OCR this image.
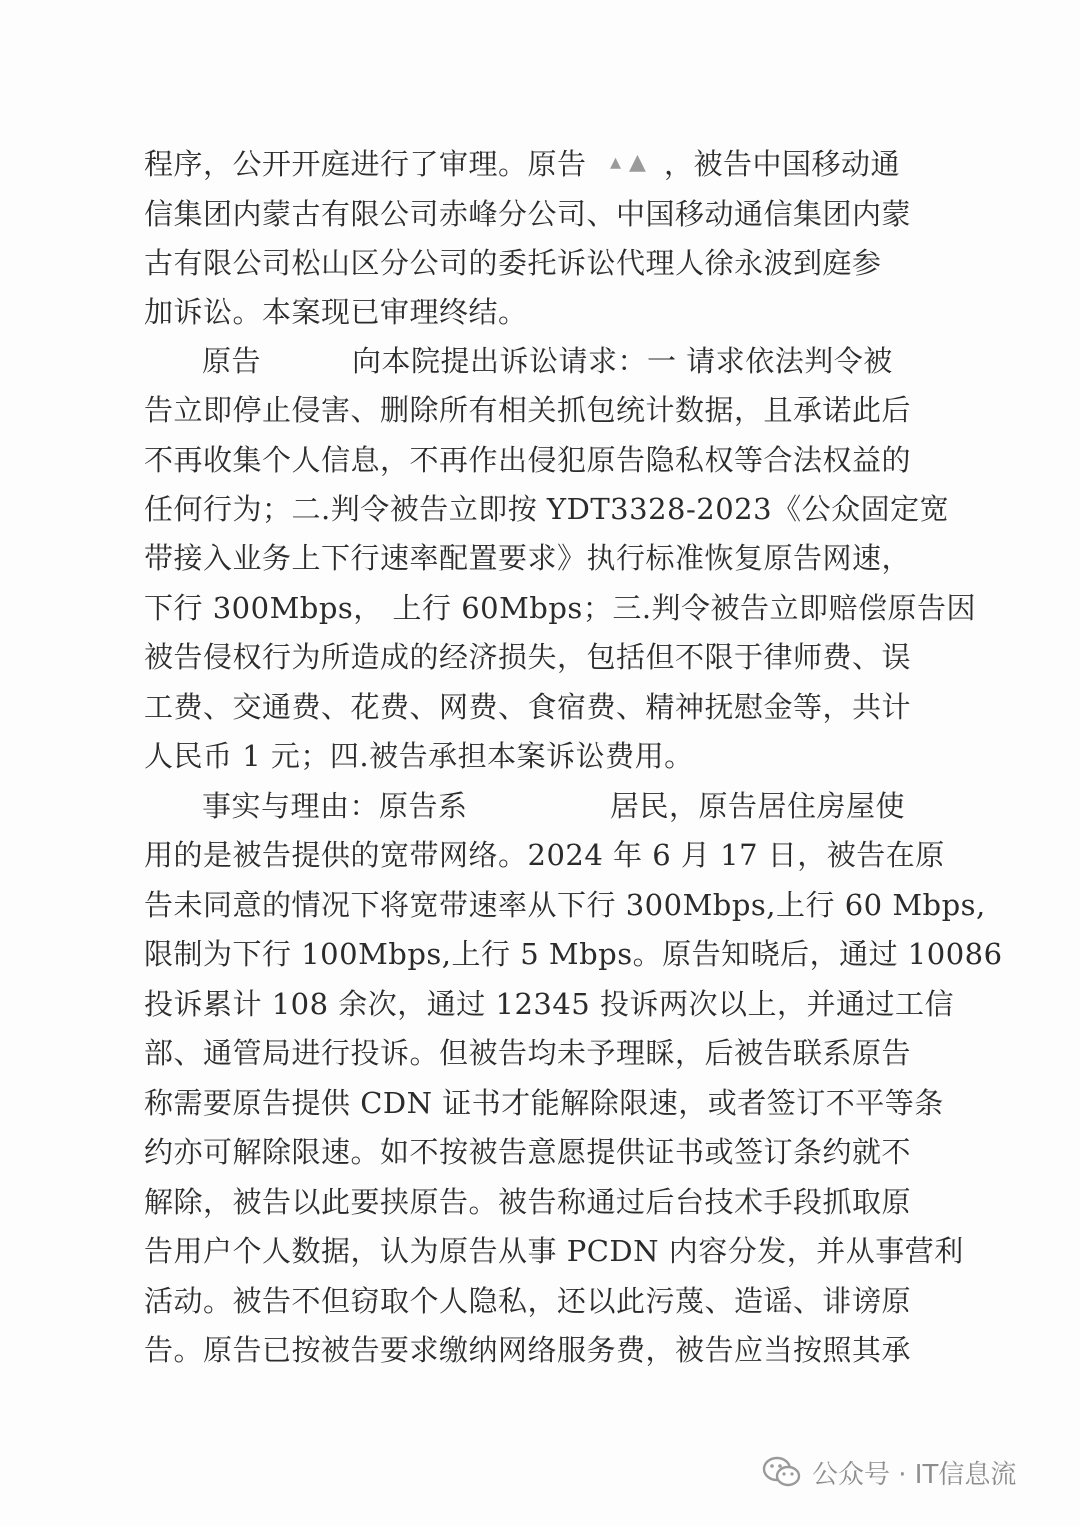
程序，公开开庭进行了审理。原告 ▴ ▲ ，被告中国移动通
信集团内蒙古有限公司赤峰分公司、中国移动通信集团内蒙
古有限公司松山区分公司的委托诉讼代理人徐永波到庭参
加诉讼。本案现已审理终结。
原告	向本院提出诉讼请求：一 请求依法判令被
告立即停止侵害、删除所有相关抓包统计数据，且承诺此后
不再收集个人信息，不再作出侵犯原告隐私权等合法权益的
任何行为；二.判令被告立即按 YDT3328-2023《公众固定宽
带接入业务上下行速率配置要求》执行标准恢复原告网速，
下行 300Mbps， 上行 60Mbps；三.判令被告立即赔偿原告因
被告侵权行为所造成的经济损失，包括但不限于律师费、误
工费、交通费、花费、网费、食宿费、精神抚慰金等，共计
人民币 1 元；四.被告承担本案诉讼费用。
事实与理由：原告系	居民，原告居住房屋使
用的是被告提供的宽带网络。2024 年 6 月 17 日，被告在原
告未同意的情况下将宽带速率从下行 300Mbps,上行 60 Mbps,
限制为下行 100Mbps,上行 5 Mbps。原告知晓后，通过 10086
投诉累计 108 余次，通过 12345 投诉两次以上，并通过工信
部、通管局进行投诉。但被告均未予理睬，后被告联系原告
称需要原告提供 CDN 证书才能解除限速，或者签订不平等条
约亦可解除限速。如不按被告意愿提供证书或签订条约就不
解除，被告以此要挟原告。被告称通过后台技术手段抓取原
告用户个人数据，认为原告从事 PCDN 内容分发，并从事营利
活动。被告不但窃取个人隐私，还以此污蔑、造谣、诽谤原
告。原告已按被告要求缴纳网络服务费，被告应当按照其承
公众号 · IT信息流
